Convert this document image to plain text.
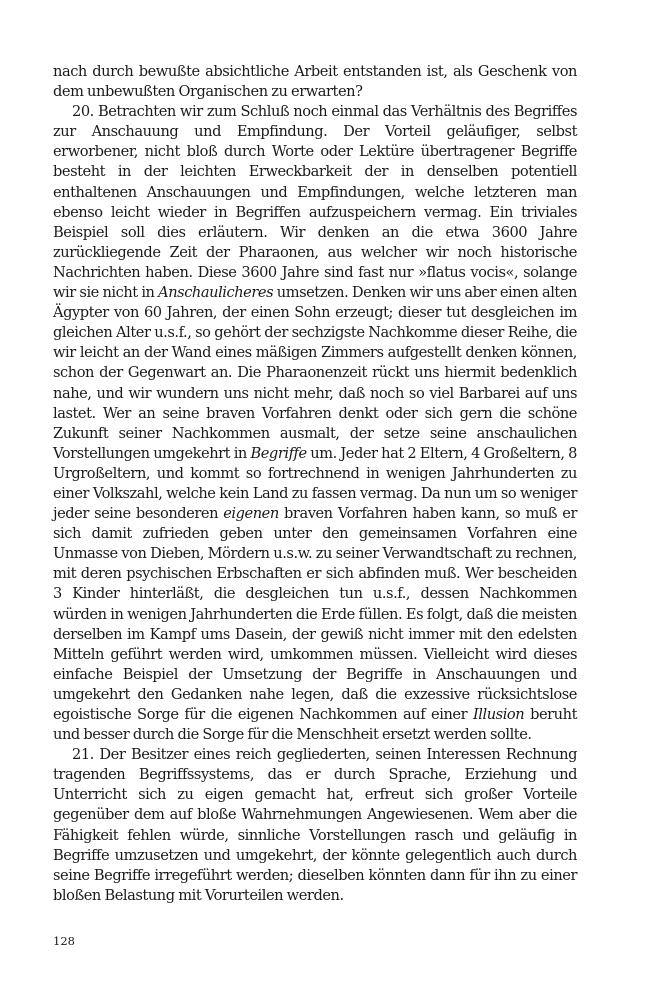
nach durch bewußte absichtliche Arbeit entstanden ist, als Geschenk von dem unbewußten Organischen zu erwarten?

20. Betrachten wir zum Schluß noch einmal das Verhältnis des Begriffes zur Anschauung und Empfindung. Der Vorteil geläufiger, selbst erworbener, nicht bloß durch Worte oder Lektüre übertragener Begriffe besteht in der leichten Erweckbarkeit der in denselben potentiell enthaltenen Anschauungen und Empfindungen, welche letzteren man ebenso leicht wieder in Begriffen aufzuspeichern vermag. Ein triviales Beispiel soll dies erläutern. Wir denken an die etwa 3600 Jahre zurückliegende Zeit der Pharaonen, aus welcher wir noch historische Nachrichten haben. Diese 3600 Jahre sind fast nur »flatus vocis«, solange wir sie nicht in Anschaulicheres umsetzen. Denken wir uns aber einen alten Ägypter von 60 Jahren, der einen Sohn erzeugt; dieser tut desgleichen im gleichen Alter u.s.f., so gehört der sechzigste Nachkomme dieser Reihe, die wir leicht an der Wand eines mäßigen Zimmers aufgestellt denken können, schon der Gegenwart an. Die Pharaonenzeit rückt uns hiermit bedenklich nahe, und wir wundern uns nicht mehr, daß noch so viel Barbarei auf uns lastet. Wer an seine braven Vorfahren denkt oder sich gern die schöne Zukunft seiner Nachkommen ausmalt, der setze seine anschaulichen Vorstellungen umgekehrt in Begriffe um. Jeder hat 2 Eltern, 4 Großeltern, 8 Urgroßeltern, und kommt so fortrechnend in wenigen Jahrhunderten zu einer Volkszahl, welche kein Land zu fassen vermag. Da nun um so weniger jeder seine besonderen eigenen braven Vorfahren haben kann, so muß er sich damit zufrieden geben unter den gemeinsamen Vorfahren eine Unmasse von Dieben, Mördern u.s.w. zu seiner Verwandtschaft zu rechnen, mit deren psychischen Erbschaften er sich abfinden muß. Wer bescheiden 3 Kinder hinterläßt, die desgleichen tun u.s.f., dessen Nachkommen würden in wenigen Jahrhunderten die Erde füllen. Es folgt, daß die meisten derselben im Kampf ums Dasein, der gewiß nicht immer mit den edelsten Mitteln geführt werden wird, umkommen müssen. Vielleicht wird dieses einfache Beispiel der Umsetzung der Begriffe in Anschauungen und umgekehrt den Gedanken nahe legen, daß die exzessive rücksichtslose egoistische Sorge für die eigenen Nachkommen auf einer Illusion beruht und besser durch die Sorge für die Menschheit ersetzt werden sollte.

21. Der Besitzer eines reich gegliederten, seinen Interessen Rechnung tragenden Begriffssystems, das er durch Sprache, Erziehung und Unterricht sich zu eigen gemacht hat, erfreut sich großer Vorteile gegenüber dem auf bloße Wahrnehmungen Angewiesenen. Wem aber die Fähigkeit fehlen würde, sinnliche Vorstellungen rasch und geläufig in Begriffe umzusetzen und umgekehrt, der könnte gelegentlich auch durch seine Begriffe irregeführt werden; dieselben könnten dann für ihn zu einer bloßen Belastung mit Vorurteilen werden.

128
